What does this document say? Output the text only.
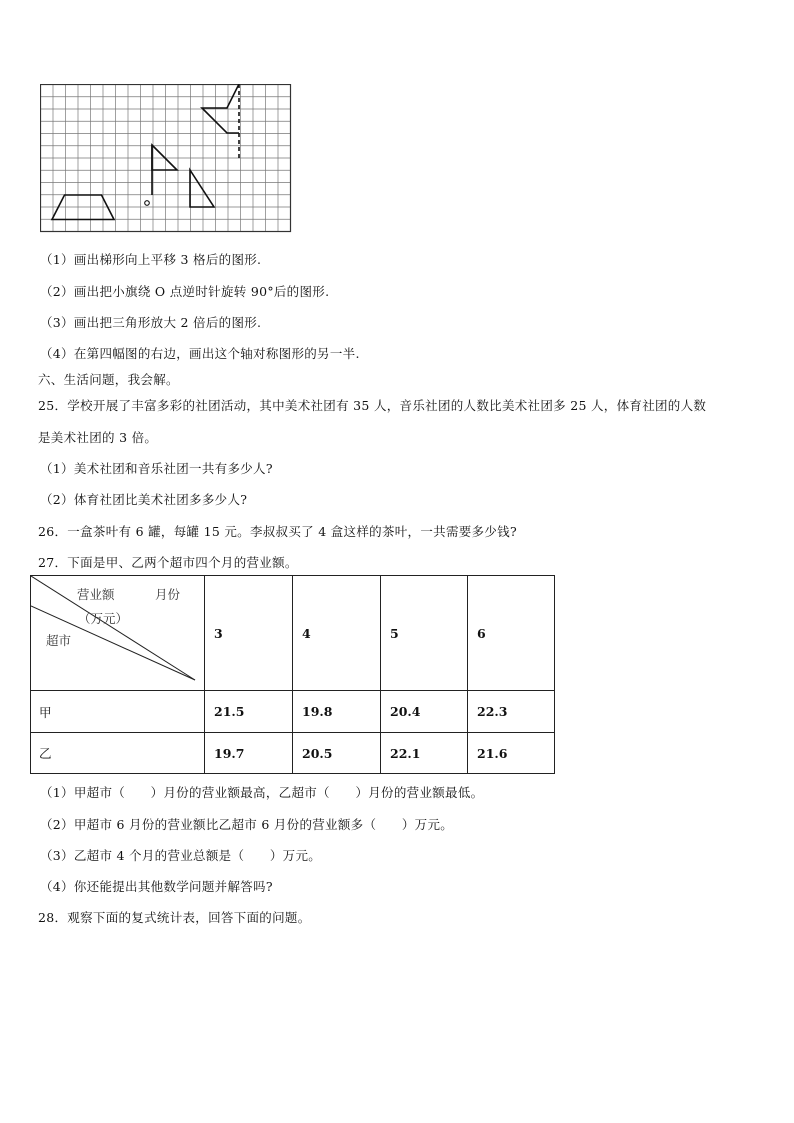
（1）画出梯形向上平移 3 格后的图形.
（2）画出把小旗绕 O 点逆时针旋转 90°后的图形.
（3）画出把三角形放大 2 倍后的图形.
（4）在第四幅图的右边，画出这个轴对称图形的另一半.
六、生活问题，我会解。
25．学校开展了丰富多彩的社团活动，其中美术社团有 35 人，音乐社团的人数比美术社团多 25 人，体育社团的人数
是美术社团的 3 倍。
（1）美术社团和音乐社团一共有多少人?
（2）体育社团比美术社团多多少人?
26．一盒茶叶有 6 罐，每罐 15 元。李叔叔买了 4 盒这样的茶叶，一共需要多少钱?
27．下面是甲、乙两个超市四个月的营业额。
营业额
（万元）
月份
超市	3	4	5	6
甲	21.5	19.8	20.4	22.3
乙	19.7	20.5	22.1	21.6
（1）甲超市（　　）月份的营业额最高，乙超市（　　）月份的营业额最低。
（2）甲超市 6 月份的营业额比乙超市 6 月份的营业额多（　　）万元。
（3）乙超市 4 个月的营业总额是（　　）万元。
（4）你还能提出其他数学问题并解答吗?
28．观察下面的复式统计表，回答下面的问题。
